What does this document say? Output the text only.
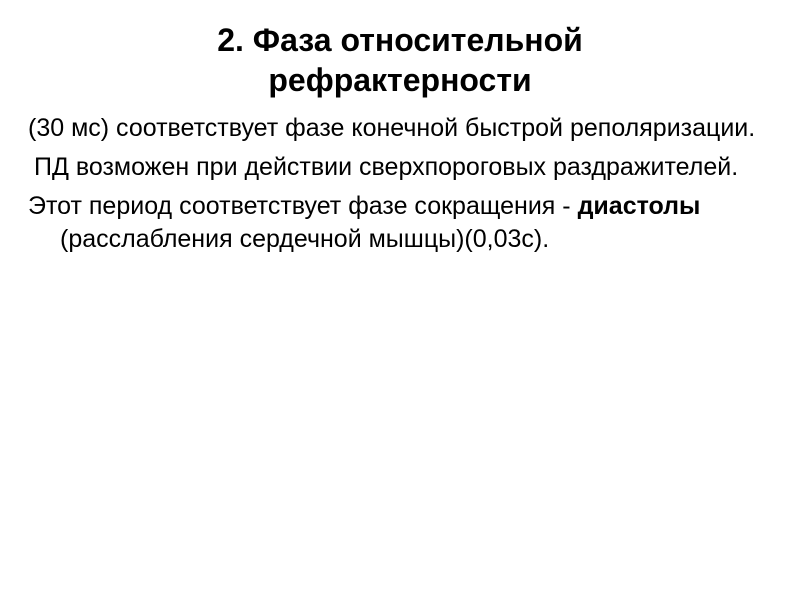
2. Фаза относительной
рефрактерности

(30 мс) соответствует фазе конечной быстрой реполяризации.

ПД возможен при действии сверхпороговых раздражителей.

Этот период соответствует фазе сокращения - диастолы (расслабления сердечной мышцы)(0,03с).
